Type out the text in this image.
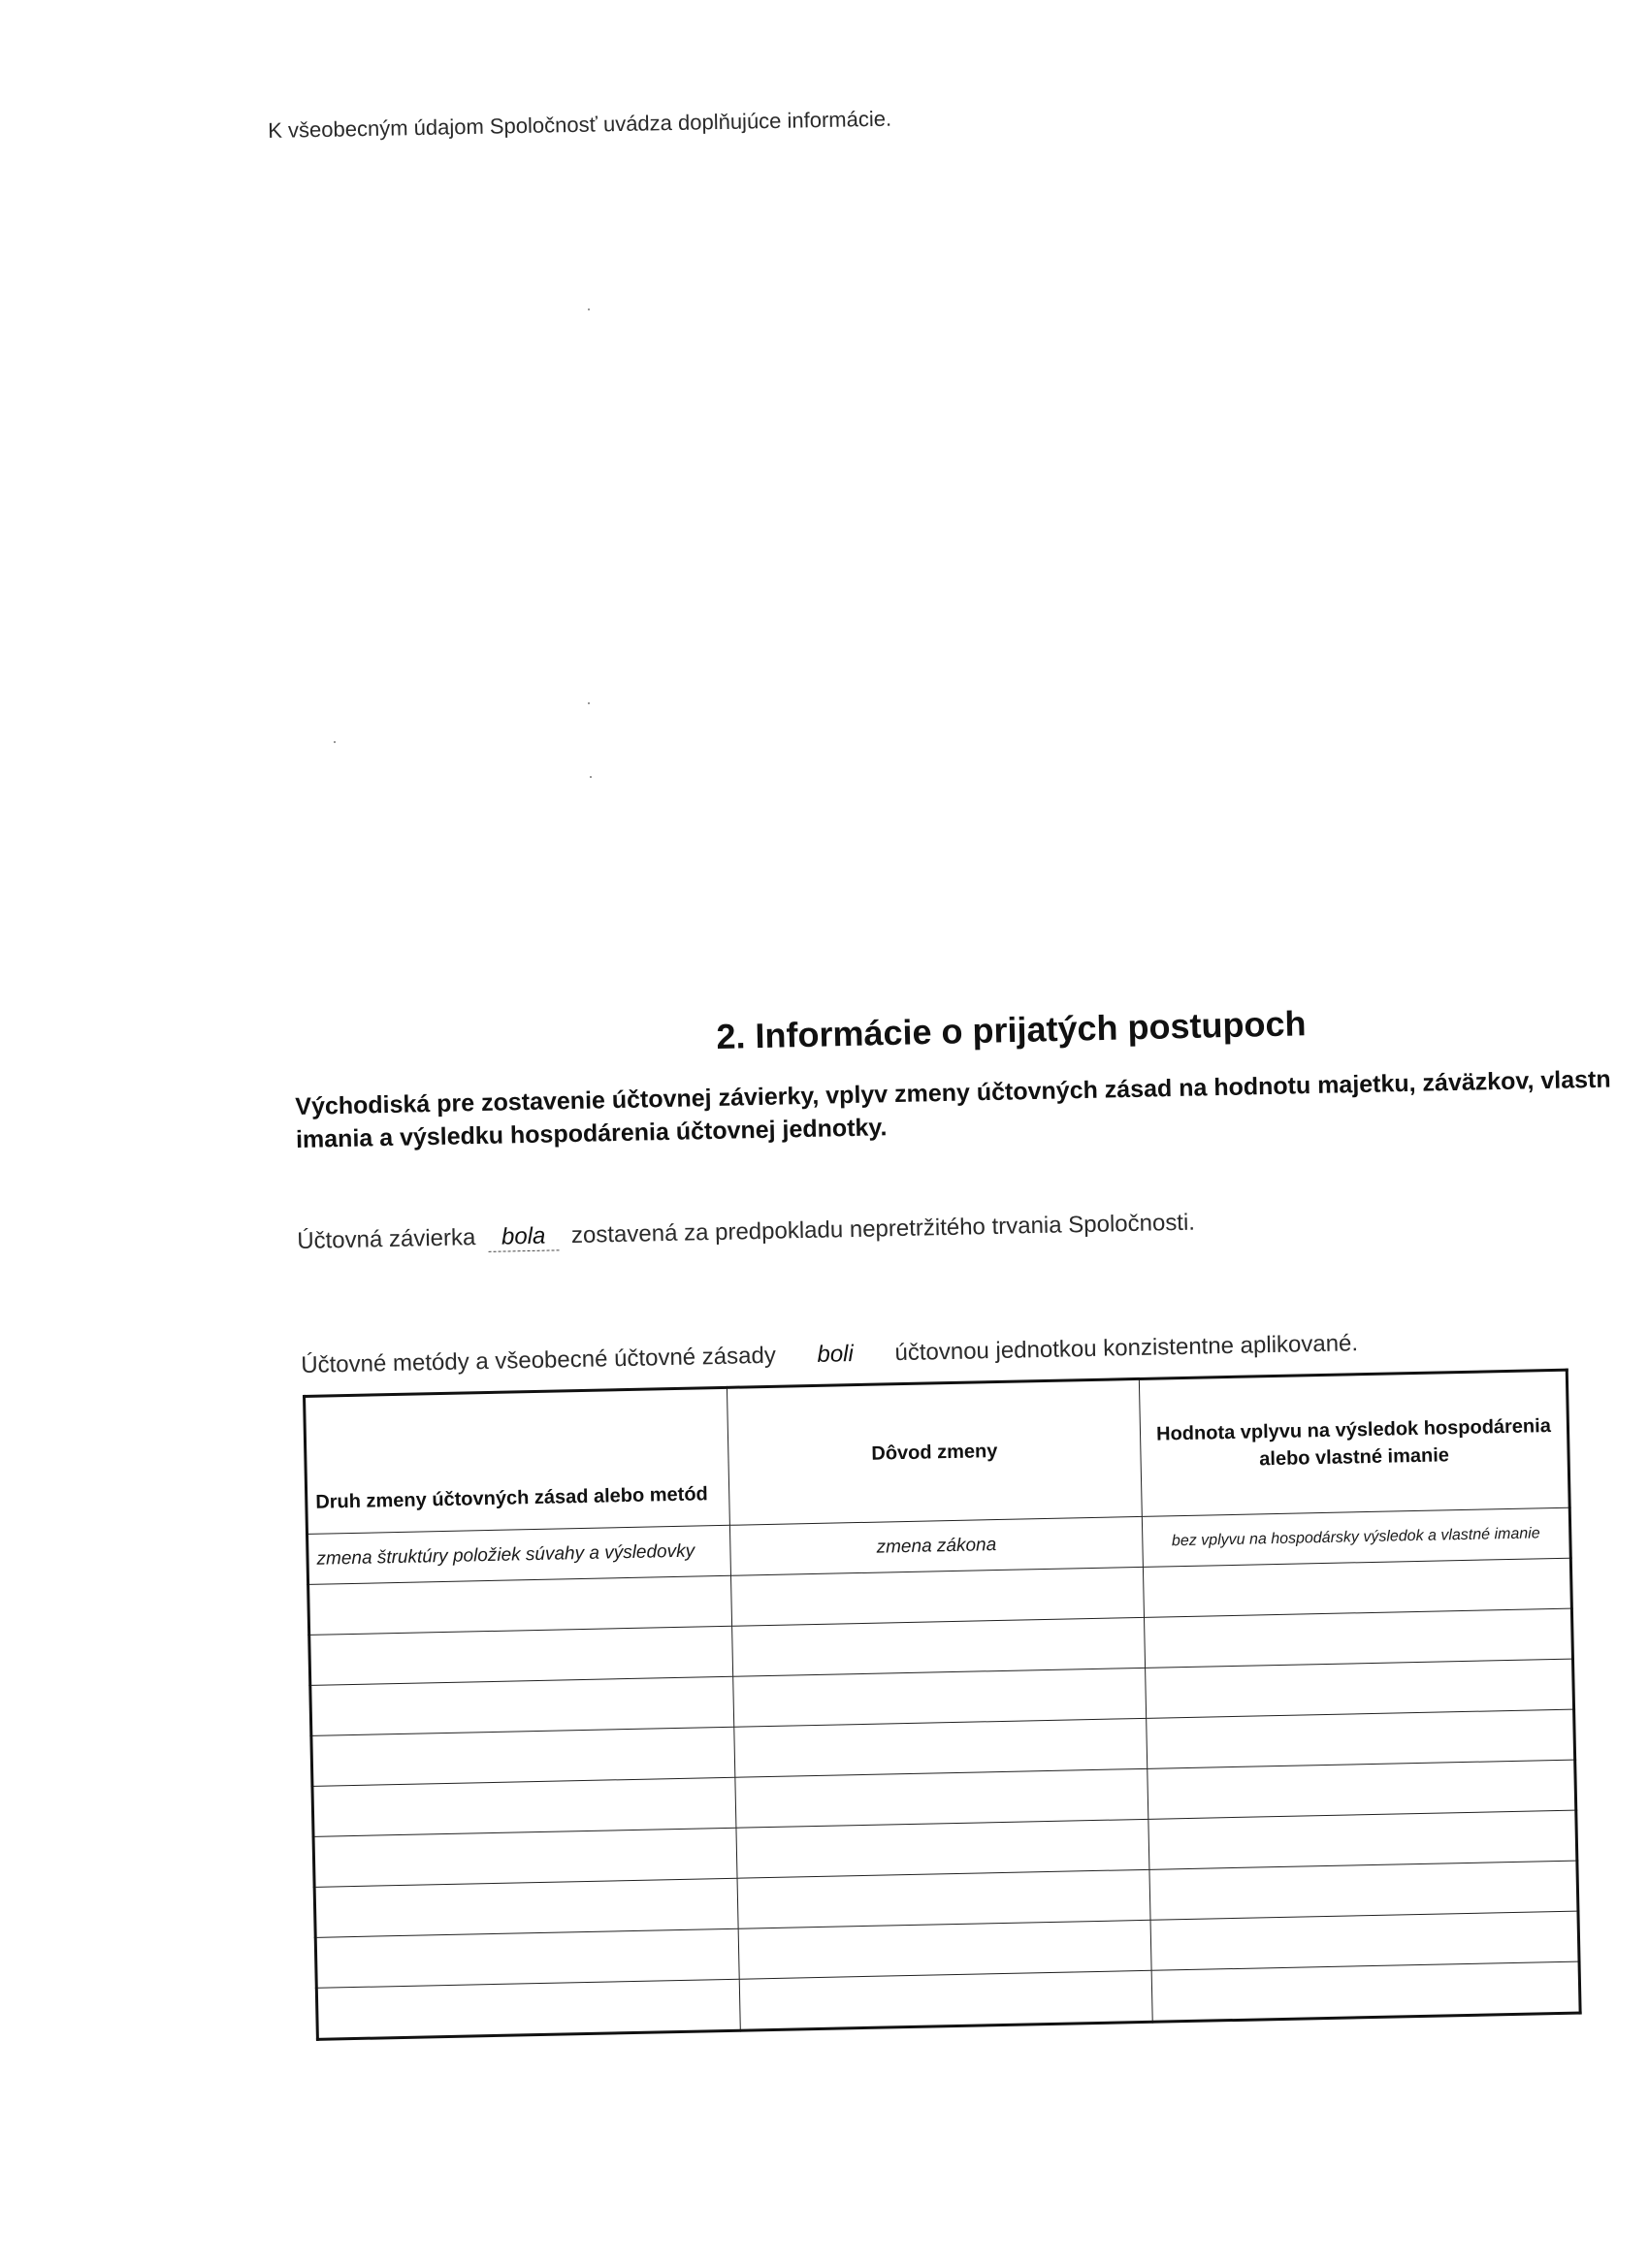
K všeobecným údajom Spoločnosť uvádza doplňujúce informácie.
2. Informácie o prijatých postupoch
Východiská pre zostavenie účtovnej závierky, vplyv zmeny účtovných zásad na hodnotu majetku, záväzkov, vlastn
imania a výsledku hospodárenia účtovnej jednotky.
Účtovná závierka bola zostavená za predpokladu nepretržitého trvania Spoločnosti.
Účtovné metódy a všeobecné účtovné zásady boli účtovnou jednotkou konzistentne aplikované.
Druh zmeny účtovných zásad alebo metód	Dôvod zmeny	Hodnota vplyvu na výsledok hospodárenia alebo vlastné imanie
zmena štruktúry položiek súvahy a výsledovky	zmena zákona	bez vplyvu na hospodársky výsledok a vlastné imanie
